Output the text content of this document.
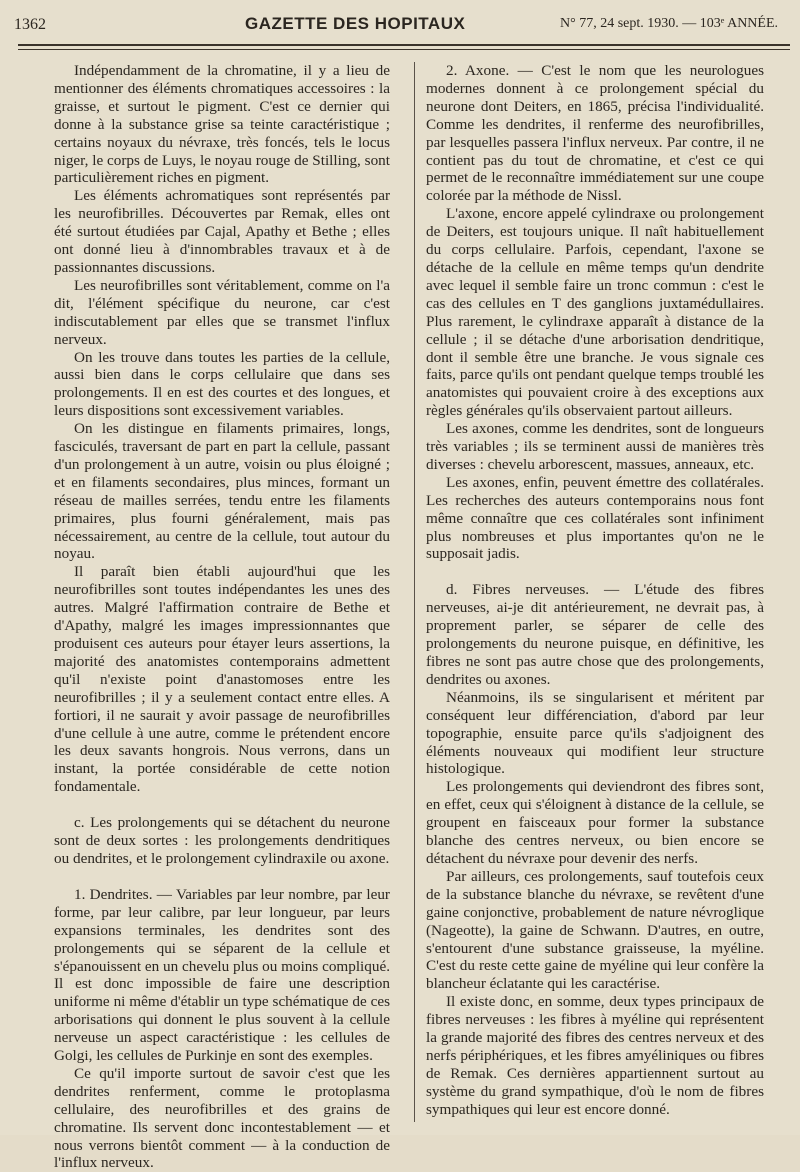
1362	GAZETTE DES HOPITAUX	N° 77, 24 sept. 1930. — 103ᵉ ANNÉE.

Indépendamment de la chromatine, il y a lieu de mentionner des éléments chromatiques accessoires : la graisse, et surtout le pigment. C'est ce dernier qui donne à la substance grise sa teinte caractéristique ; certains noyaux du névraxe, très foncés, tels le locus niger, le corps de Luys, le noyau rouge de Stilling, sont particulièrement riches en pigment.

Les éléments achromatiques sont représentés par les neurofibrilles. Découvertes par Remak, elles ont été surtout étudiées par Cajal, Apathy et Bethe ; elles ont donné lieu à d'innombrables travaux et à de passionnantes discussions.

Les neurofibrilles sont véritablement, comme on l'a dit, l'élément spécifique du neurone, car c'est indiscutablement par elles que se transmet l'influx nerveux.

On les trouve dans toutes les parties de la cellule, aussi bien dans le corps cellulaire que dans ses prolongements. Il en est des courtes et des longues, et leurs dispositions sont excessivement variables.

On les distingue en filaments primaires, longs, fasciculés, traversant de part en part la cellule, passant d'un prolongement à un autre, voisin ou plus éloigné ; et en filaments secondaires, plus minces, formant un réseau de mailles serrées, tendu entre les filaments primaires, plus fourni généralement, mais pas nécessairement, au centre de la cellule, tout autour du noyau.

Il paraît bien établi aujourd'hui que les neurofibrilles sont toutes indépendantes les unes des autres. Malgré l'affirmation contraire de Bethe et d'Apathy, malgré les images impressionnantes que produisent ces auteurs pour étayer leurs assertions, la majorité des anatomistes contemporains admettent qu'il n'existe point d'anastomoses entre les neurofibrilles ; il y a seulement contact entre elles. A fortiori, il ne saurait y avoir passage de neurofibrilles d'une cellule à une autre, comme le prétendent encore les deux savants hongrois. Nous verrons, dans un instant, la portée considérable de cette notion fondamentale.

c. Les prolongements qui se détachent du neurone sont de deux sortes : les prolongements dendritiques ou dendrites, et le prolongement cylindraxile ou axone.

1. Dendrites. — Variables par leur nombre, par leur forme, par leur calibre, par leur longueur, par leurs expansions terminales, les dendrites sont des prolongements qui se séparent de la cellule et s'épanouissent en un chevelu plus ou moins compliqué. Il est donc impossible de faire une description uniforme ni même d'établir un type schématique de ces arborisations qui donnent le plus souvent à la cellule nerveuse un aspect caractéristique : les cellules de Golgi, les cellules de Purkinje en sont des exemples.

Ce qu'il importe surtout de savoir c'est que les dendrites renferment, comme le protoplasma cellulaire, des neurofibrilles et des grains de chromatine. Ils servent donc incontestablement — et nous verrons bientôt comment — à la conduction de l'influx nerveux.

2. Axone. — C'est le nom que les neurologues modernes donnent à ce prolongement spécial du neurone dont Deiters, en 1865, précisa l'individualité. Comme les dendrites, il renferme des neurofibrilles, par lesquelles passera l'influx nerveux. Par contre, il ne contient pas du tout de chromatine, et c'est ce qui permet de le reconnaître immédiatement sur une coupe colorée par la méthode de Nissl.

L'axone, encore appelé cylindraxe ou prolongement de Deiters, est toujours unique. Il naît habituellement du corps cellulaire. Parfois, cependant, l'axone se détache de la cellule en même temps qu'un dendrite avec lequel il semble faire un tronc commun : c'est le cas des cellules en T des ganglions juxtamédullaires. Plus rarement, le cylindraxe apparaît à distance de la cellule ; il se détache d'une arborisation dendritique, dont il semble être une branche. Je vous signale ces faits, parce qu'ils ont pendant quelque temps troublé les anatomistes qui pouvaient croire à des exceptions aux règles générales qu'ils observaient partout ailleurs.

Les axones, comme les dendrites, sont de longueurs très variables ; ils se terminent aussi de manières très diverses : chevelu arborescent, massues, anneaux, etc.

Les axones, enfin, peuvent émettre des collatérales. Les recherches des auteurs contemporains nous font même connaître que ces collatérales sont infiniment plus nombreuses et plus importantes qu'on ne le supposait jadis.

d. Fibres nerveuses. — L'étude des fibres nerveuses, ai-je dit antérieurement, ne devrait pas, à proprement parler, se séparer de celle des prolongements du neurone puisque, en définitive, les fibres ne sont pas autre chose que des prolongements, dendrites ou axones.

Néanmoins, ils se singularisent et méritent par conséquent leur différenciation, d'abord par leur topographie, ensuite parce qu'ils s'adjoignent des éléments nouveaux qui modifient leur structure histologique.

Les prolongements qui deviendront des fibres sont, en effet, ceux qui s'éloignent à distance de la cellule, se groupent en faisceaux pour former la substance blanche des centres nerveux, ou bien encore se détachent du névraxe pour devenir des nerfs.

Par ailleurs, ces prolongements, sauf toutefois ceux de la substance blanche du névraxe, se revêtent d'une gaine conjonctive, probablement de nature névroglique (Nageotte), la gaine de Schwann. D'autres, en outre, s'entourent d'une substance graisseuse, la myéline. C'est du reste cette gaine de myéline qui leur confère la blancheur éclatante qui les caractérise.

Il existe donc, en somme, deux types principaux de fibres nerveuses : les fibres à myéline qui représentent la grande majorité des fibres des centres nerveux et des nerfs périphériques, et les fibres amyéliniques ou fibres de Remak. Ces dernières appartiennent surtout au système du grand sympathique, d'où le nom de fibres sympathiques qui leur est encore donné.
